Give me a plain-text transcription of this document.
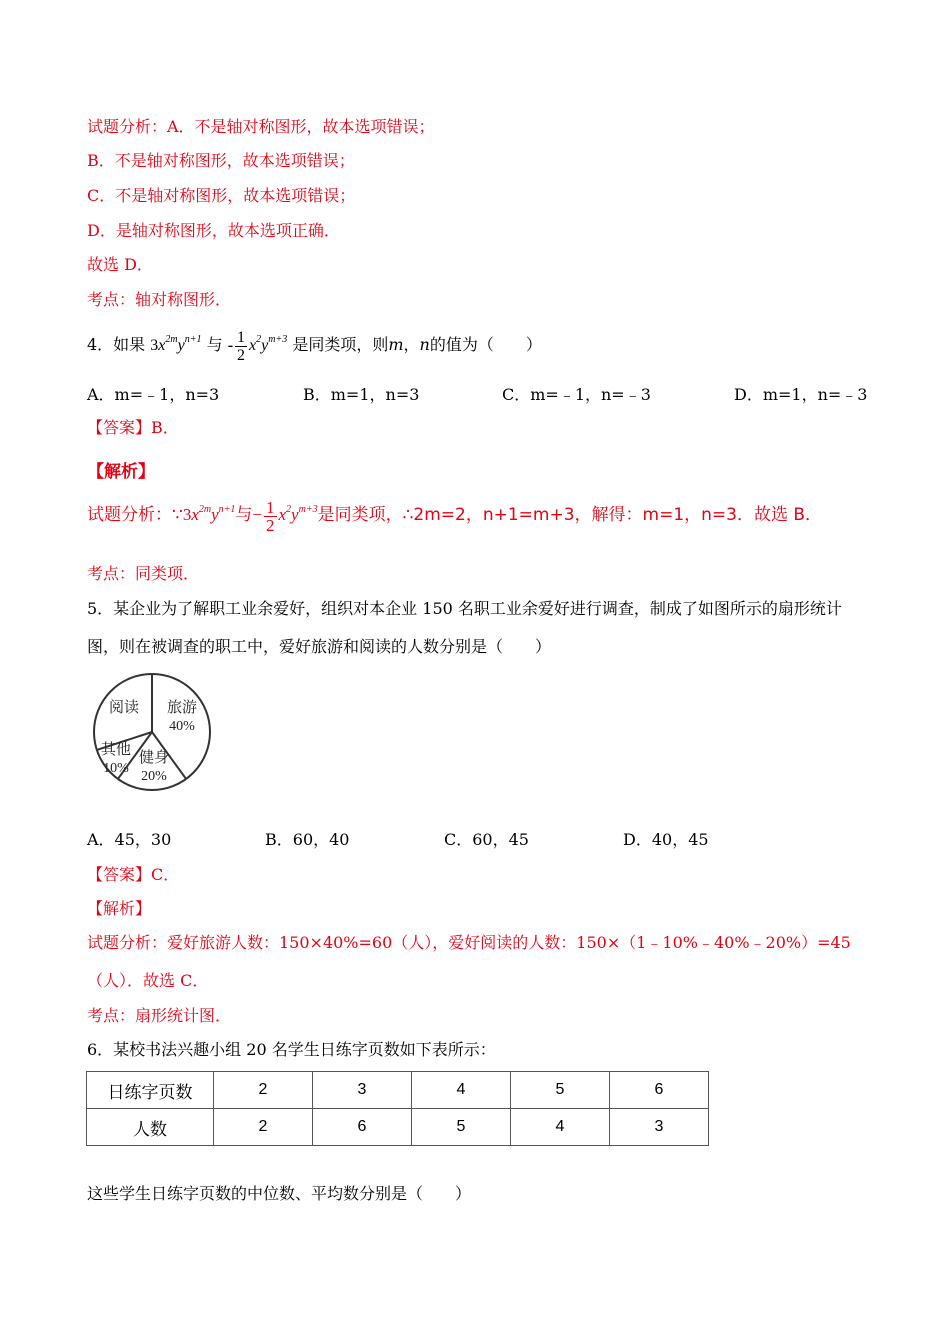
试题分析：A．不是轴对称图形，故本选项错误；
B．不是轴对称图形，故本选项错误；
C．不是轴对称图形，故本选项错误；
D．是轴对称图形，故本选项正确．
故选 D．
考点：轴对称图形．
4．如果 $3x^{2m}y^{n+1}$ 与 - $\frac{1}{2} x^2y^{m+3}$ 是同类项，则m，n的值为（　　）
A．m=﹣1，n=3	B．m=1，n=3	C．m=﹣1，n=﹣3	D．m=1，n=﹣3
【答案】B．
【解析】
试题分析：$\because 3x^{2m}y^{n+1}$与− $\frac{1}{2} x^2y^{m+3}$是同类项，∴2m=2，n+1=m+3，解得：m=1，n=3．故选 B．
考点：同类项．
5．某企业为了解职工业余爱好，组织对本企业 150 名职工业余爱好进行调查，制成了如图所示的扇形统计
图，则在被调查的职工中，爱好旅游和阅读的人数分别是（　　）
旅游
40%
健身
20%
其他
10%
阅读
A．45，30	B．60，40	C．60，45	D．40，45
【答案】C．
【解析】
试题分析：爱好旅游人数：150×40%=60（人），爱好阅读的人数：150×（1﹣10%﹣40%﹣20%）=45
（人）．故选 C．
考点：扇形统计图．
6．某校书法兴趣小组 20 名学生日练字页数如下表所示：
日练字页数	2	3	4	5	6
人数	2	6	5	4	3
这些学生日练字页数的中位数、平均数分别是（　　）
